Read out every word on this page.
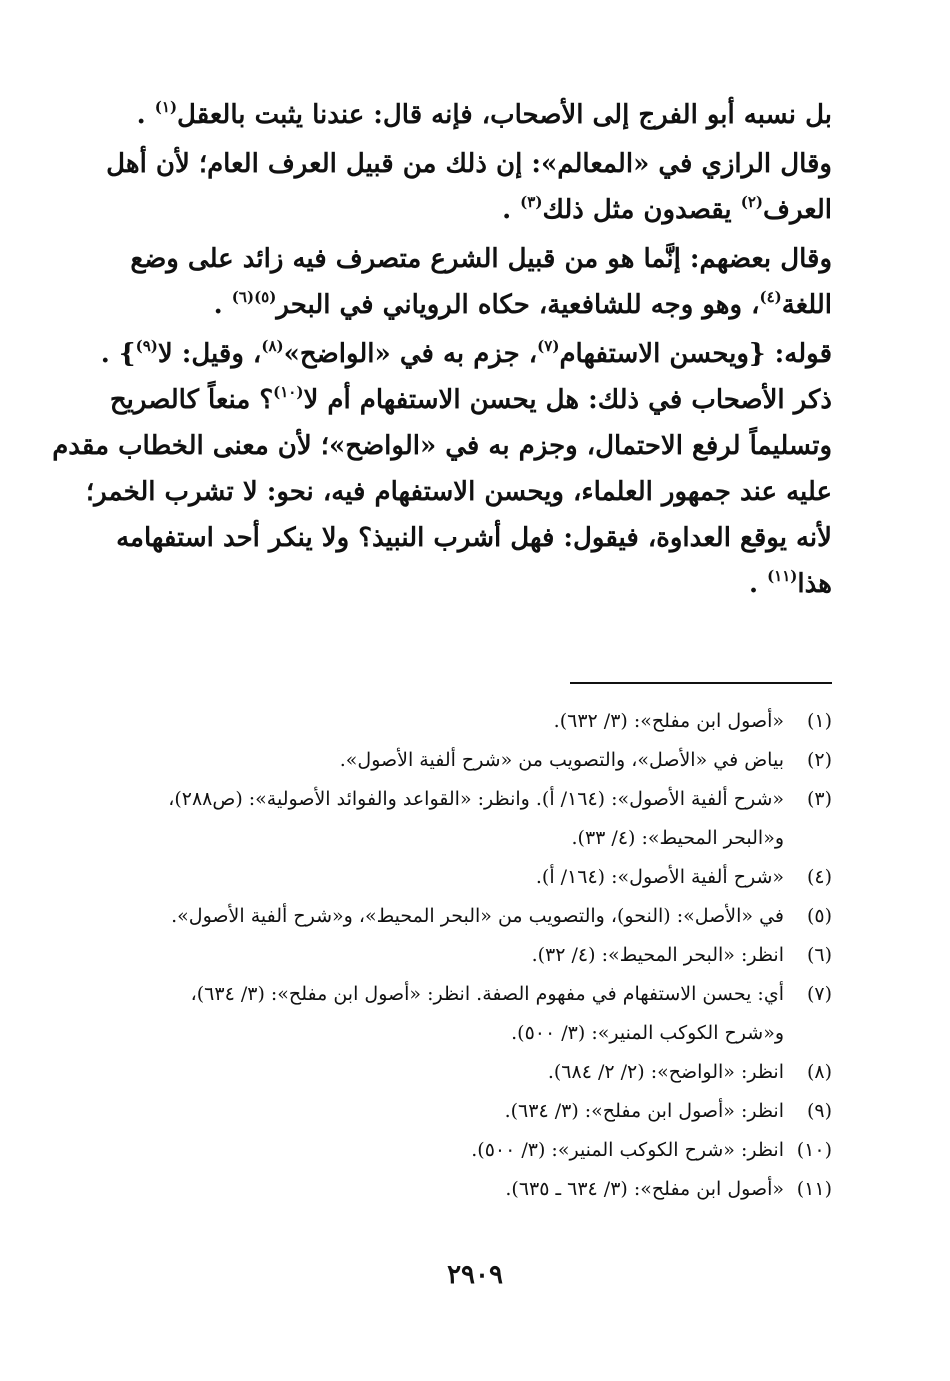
بل نسبه أبو الفرج إلى الأصحاب، فإنه قال: عندنا يثبت بالعقل$^{(١)}$ .

وقال الرازي في «المعالم»: إن ذلك من قبيل العرف العام؛ لأن أهل
العرف$^{(٢)}$ يقصدون مثل ذلك$^{(٣)}$ .

وقال بعضهم: إنَّما هو من قبيل الشرع متصرف فيه زائد على وضع
اللغة$^{(٤)}$، وهو وجه للشافعية، حكاه الروياني في البحر$^{(٥)(٦)}$ .

قوله: {ويحسن الاستفهام$^{(٧)}$، جزم به في «الواضح»$^{(٨)}$، وقيل: لا$^{(٩)}$} .

ذكر الأصحاب في ذلك: هل يحسن الاستفهام أم لا$^{(١٠)}$؟ منعاً كالصريح
وتسليماً لرفع الاحتمال، وجزم به في «الواضح»؛ لأن معنى الخطاب مقدم
عليه عند جمهور العلماء، ويحسن الاستفهام فيه، نحو: لا تشرب الخمر؛
لأنه يوقع العداوة، فيقول: فهل أشرب النبيذ؟ ولا ينكر أحد استفهامه
هذا$^{(١١)}$ .

(١)
«أصول ابن مفلح»: (٣/ ٦٣٢).
(٢)
بياض في «الأصل»، والتصويب من «شرح ألفية الأصول».
(٣)
«شرح ألفية الأصول»: (١٦٤/ أ). وانظر: «القواعد والفوائد الأصولية»: (ص٢٨٨)،
و«البحر المحيط»: (٤/ ٣٣).
(٤)
«شرح ألفية الأصول»: (١٦٤/ أ).
(٥)
في «الأصل»: (النحو)، والتصويب من «البحر المحيط»، و«شرح ألفية الأصول».
(٦)
انظر: «البحر المحيط»: (٤/ ٣٢).
(٧)
أي: يحسن الاستفهام في مفهوم الصفة. انظر: «أصول ابن مفلح»: (٣/ ٦٣٤)،
و«شرح الكوكب المنير»: (٣/ ٥٠٠).
(٨)
انظر: «الواضح»: (٢/ ٢/ ٦٨٤).
(٩)
انظر: «أصول ابن مفلح»: (٣/ ٦٣٤).
(١٠)
انظر: «شرح الكوكب المنير»: (٣/ ٥٠٠).
(١١)
«أصول ابن مفلح»: (٣/ ٦٣٤ ـ ٦٣٥).
٢٩٠٩
